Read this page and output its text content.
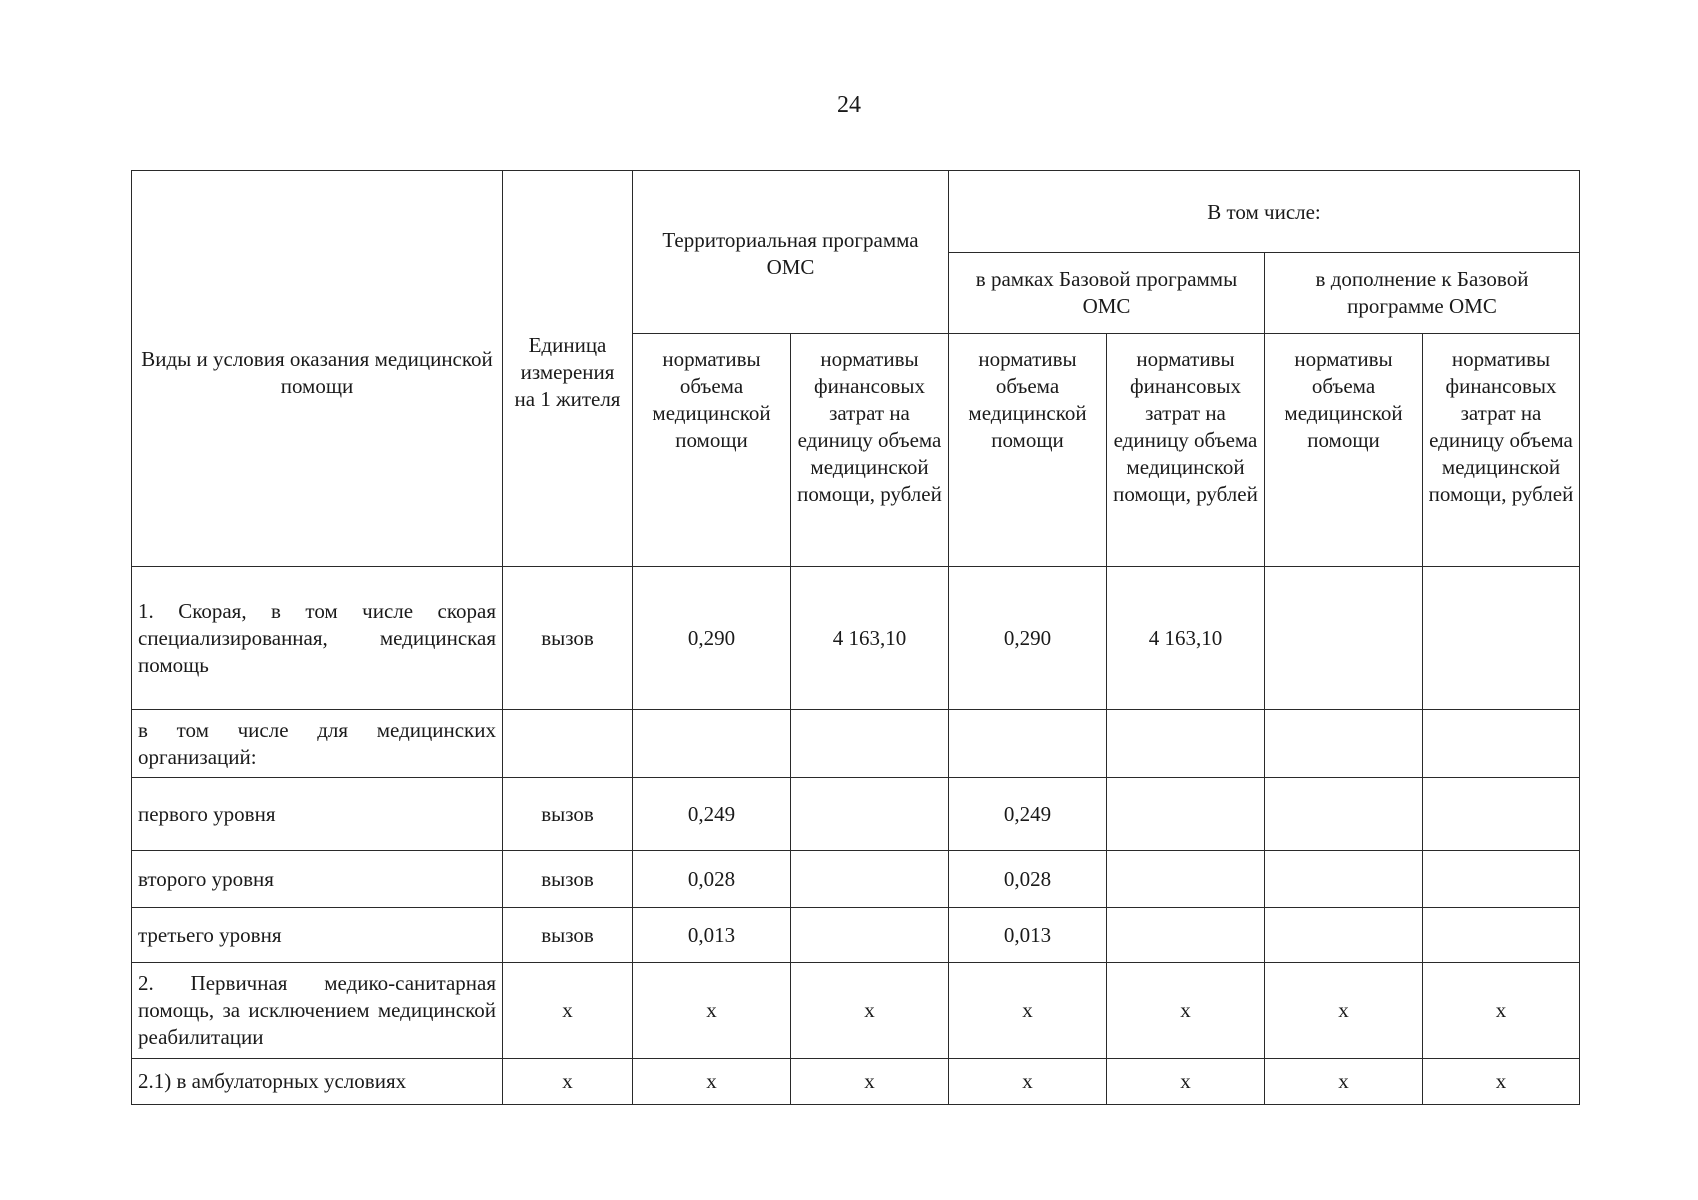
24
Виды и условия оказания медицинской помощи	Единица измерения на 1 жителя	Территориальная программа ОМС		В том числе:			
				в рамках Базовой программы ОМС		в дополнение к Базовой программе ОМС	
		нормативы объема медицинской помощи	нормативы финансовых затрат на единицу объема медицинской помощи, рублей	нормативы объема медицинской помощи	нормативы финансовых затрат на единицу объема медицинской помощи, рублей	нормативы объема медицинской помощи	нормативы финансовых затрат на единицу объема медицинской помощи, рублей
1. Скорая, в том числе скорая специализированная, медицинская помощь	вызов	0,290	4 163,10	0,290	4 163,10		
в том числе для медицинских организаций:							
первого уровня	вызов	0,249		0,249			
второго уровня	вызов	0,028		0,028			
третьего уровня	вызов	0,013		0,013			
2. Первичная медико-санитарная помощь, за исключением медицинской реабилитации	х	х	х	х	х	х	х
2.1) в амбулаторных условиях	х	х	х	х	х	х	х
